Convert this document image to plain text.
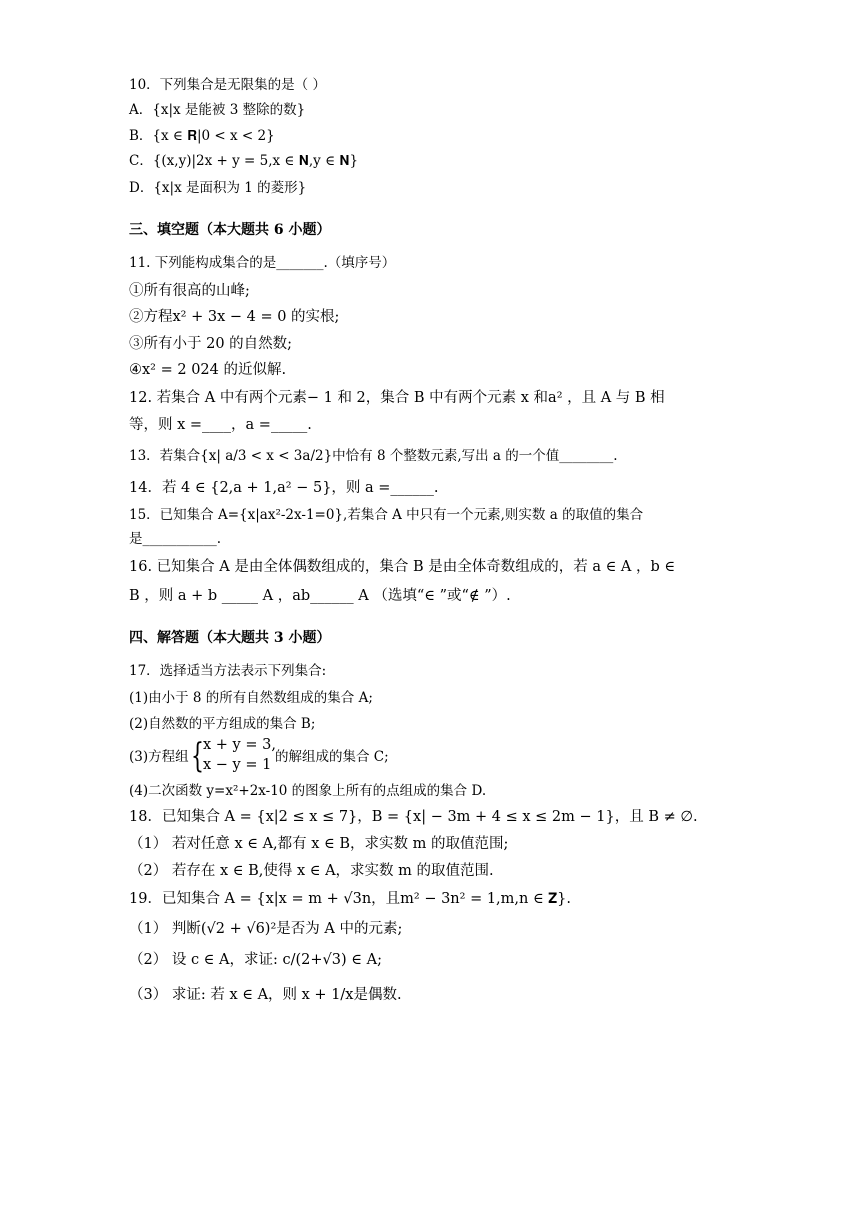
10．下列集合是无限集的是（ ）
A．{x|x 是能被 3 整除的数}
B．{x ∈ 𝐑|0 < x < 2}
C．{(x,y)|2x + y = 5,x ∈ 𝐍,y ∈ 𝐍}
D．{x|x 是面积为 1 的菱形}
三、填空题（本大题共 6 小题）
11. 下列能构成集合的是_______.（填序号）
①所有很高的山峰;
②方程x² + 3x − 4 = 0 的实根;
③所有小于 20 的自然数;
④x² = 2 024 的近似解.
12. 若集合 A 中有两个元素− 1 和 2，集合 B 中有两个元素 x 和a² ，且 A 与 B 相
等，则 x =____，a =_____.
13．若集合{x| a/3 < x < 3a/2}中恰有 8 个整数元素,写出 a 的一个值________.
14．若 4 ∈ {2,a + 1,a² − 5}，则 a =______.
15．已知集合 A={x|ax²-2x-1=0},若集合 A 中只有一个元素,则实数 a 的取值的集合
是___________.
16. 已知集合 A 是由全体偶数组成的，集合 B 是由全体奇数组成的，若 a ∈ A ，b ∈
B ，则 a + b _____ A ，ab______ A （选填“∈ ”或“∉ ”）.
四、解答题（本大题共 3 小题）
17．选择适当方法表示下列集合:
(1)由小于 8 的所有自然数组成的集合 A;
(2)自然数的平方组成的集合 B;
(3)方程组 { x + y = 3,
x − y = 1 的解组成的集合 C;
(4)二次函数 y=x²+2x-10 的图象上所有的点组成的集合 D.
18．已知集合 A = {x|2 ≤ x ≤ 7}，B = {x| − 3m + 4 ≤ x ≤ 2m − 1}，且 B ≠ ∅.
（1） 若对任意 x ∈ A,都有 x ∈ B，求实数 m 的取值范围;
（2） 若存在 x ∈ B,使得 x ∈ A，求实数 m 的取值范围.
19．已知集合 A = {x|x = m + √3n，且m² − 3n² = 1,m,n ∈ 𝐙}.
（1） 判断(√2 + √6)²是否为 A 中的元素;
（2） 设 c ∈ A，求证: c/(2+√3) ∈ A;
（3） 求证: 若 x ∈ A，则 x + 1/x是偶数.
